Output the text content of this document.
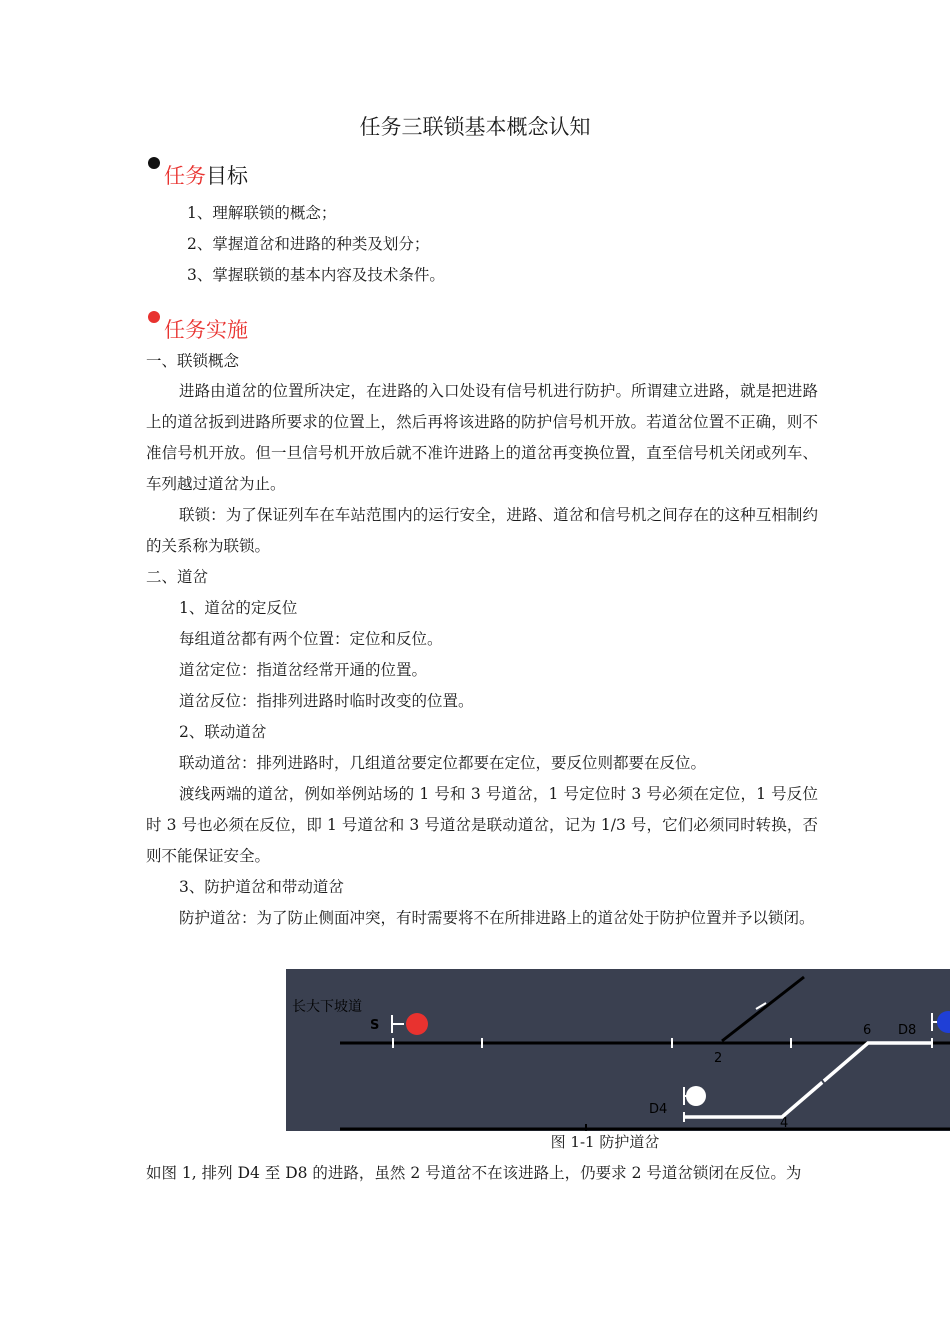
任务三联锁基本概念认知
任务目标
1、理解联锁的概念；
2、掌握道岔和进路的种类及划分；
3、掌握联锁的基本内容及技术条件。
任务实施
一、联锁概念
进路由道岔的位置所决定，在进路的入口处设有信号机进行防护。所谓建立进路，就是把进路上的道岔扳到进路所要求的位置上，然后再将该进路的防护信号机开放。若道岔位置不正确，则不准信号机开放。但一旦信号机开放后就不准许进路上的道岔再变换位置，直至信号机关闭或列车、车列越过道岔为止。
联锁：为了保证列车在车站范围内的运行安全，进路、道岔和信号机之间存在的这种互相制约的关系称为联锁。
二、道岔
1、道岔的定反位
每组道岔都有两个位置：定位和反位。
道岔定位：指道岔经常开通的位置。
道岔反位：指排列进路时临时改变的位置。
2、联动道岔
联动道岔：排列进路时，几组道岔要定位都要在定位，要反位则都要在反位。
渡线两端的道岔，例如举例站场的 1 号和 3 号道岔，1 号定位时 3 号必须在定位，1 号反位时 3 号也必须在反位，即 1 号道岔和 3 号道岔是联动道岔，记为 1/3 号，它们必须同时转换，否则不能保证安全。
3、防护道岔和带动道岔
防护道岔：为了防止侧面冲突，有时需要将不在所排进路上的道岔处于防护位置并予以锁闭。
长大下坡道
S	6 D8
2
D4
4
图 1-1 防护道岔
如图 1, 排列 D4 至 D8 的进路，虽然 2 号道岔不在该进路上，仍要求 2 号道岔锁闭在反位。为
